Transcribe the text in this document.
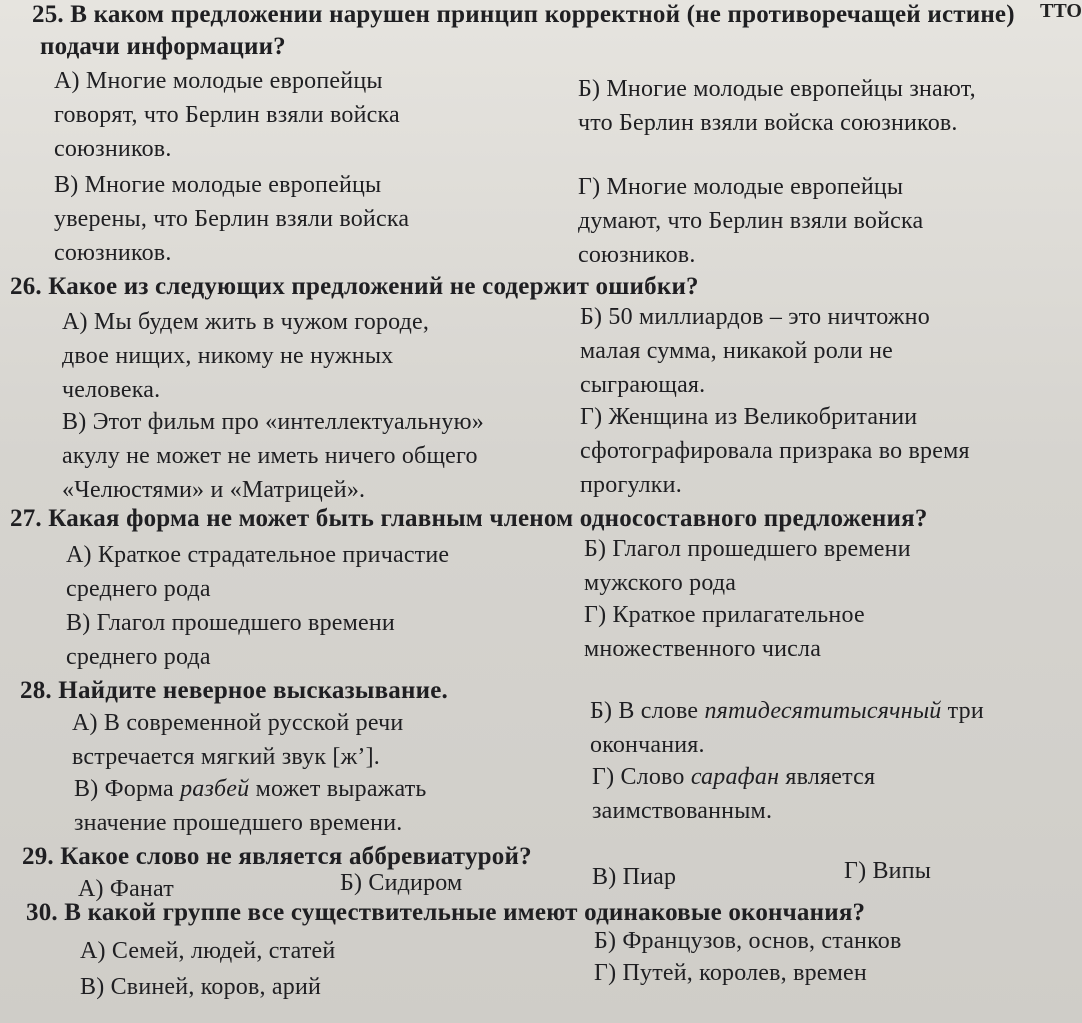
25. В каком предложении нарушен принцип корректной (не противоречащей истине)
подачи информации?
А) Многие молодые европейцы
говорят, что Берлин взяли войска
союзников.
Б) Многие молодые европейцы знают,
что Берлин взяли войска союзников.
В) Многие молодые европейцы
уверены, что Берлин взяли войска
союзников.
Г) Многие молодые европейцы
думают, что Берлин взяли войска
союзников.
26. Какое из следующих предложений не содержит ошибки?
А) Мы будем жить в чужом городе,
двое нищих, никому не нужных
человека.
Б) 50 миллиардов – это ничтожно
малая сумма, никакой роли не
сыграющая.
В) Этот фильм про «интеллектуальную»
акулу не может не иметь ничего общего
«Челюстями» и «Матрицей».
Г) Женщина из Великобритании
сфотографировала призрака во время
прогулки.
27. Какая форма не может быть главным членом односоставного предложения?
А) Краткое страдательное причастие
среднего рода
Б) Глагол прошедшего времени
мужского рода
В) Глагол прошедшего времени
среднего рода
Г) Краткое прилагательное
множественного числа
28. Найдите неверное высказывание.
А) В современной русской речи
встречается мягкий звук [ж’].
Б) В слове пятидесятитысячный три
окончания.
В) Форма разбей может выражать
значение прошедшего времени.
Г) Слово сарафан является
заимствованным.
29. Какое слово не является аббревиатурой?
А) Фанат	Б) Сидиром	В) Пиар	Г) Випы
30. В какой группе все существительные имеют одинаковые окончания?
А) Семей, людей, статей	Б) Французов, основ, станков
В) Свиней, коров, арий
Г) Путей, королев, времен
TTO
